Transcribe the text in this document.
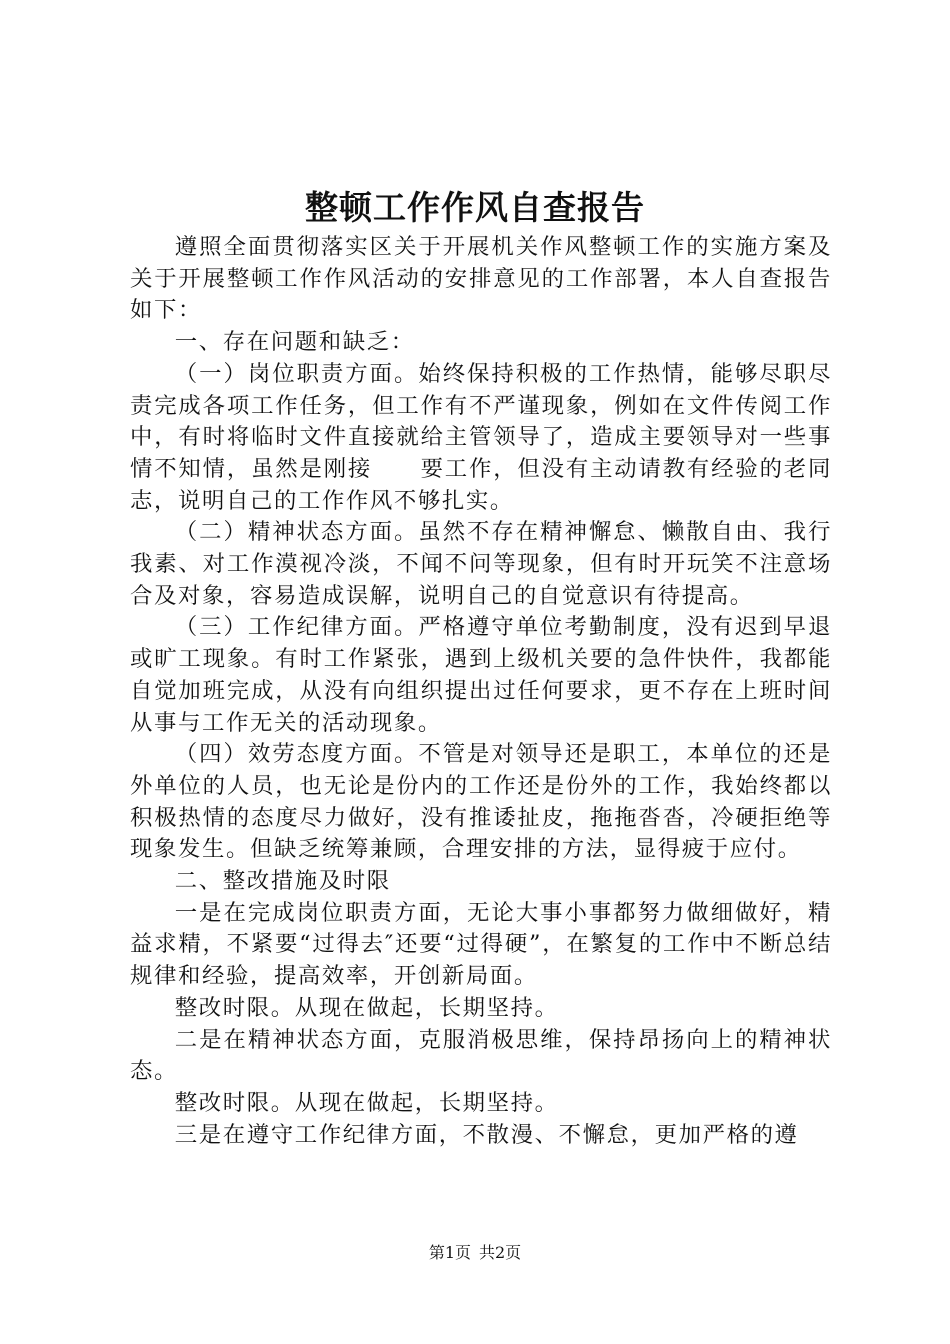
整顿工作作风自查报告

遵照全面贯彻落实区关于开展机关作风整顿工作的实施方案及关于开展整顿工作作风活动的安排意见的工作部署，本人自查报告如下：

一、存在问题和缺乏：

（一）岗位职责方面。始终保持积极的工作热情，能够尽职尽责完成各项工作任务，但工作有不严谨现象，例如在文件传阅工作中，有时将临时文件直接就给主管领导了，造成主要领导对一些事情不知情，虽然是刚接　　要工作，但没有主动请教有经验的老同志，说明自己的工作作风不够扎实。

（二）精神状态方面。虽然不存在精神懈怠、懒散自由、我行我素、对工作漠视冷淡，不闻不问等现象，但有时开玩笑不注意场合及对象，容易造成误解，说明自己的自觉意识有待提高。

（三）工作纪律方面。严格遵守单位考勤制度，没有迟到早退或旷工现象。有时工作紧张，遇到上级机关要的急件快件，我都能自觉加班完成，从没有向组织提出过任何要求，更不存在上班时间从事与工作无关的活动现象。

（四）效劳态度方面。不管是对领导还是职工，本单位的还是外单位的人员，也无论是份内的工作还是份外的工作，我始终都以积极热情的态度尽力做好，没有推诿扯皮，拖拖沓沓，冷硬拒绝等现象发生。但缺乏统筹兼顾，合理安排的方法，显得疲于应付。

二、整改措施及时限

一是在完成岗位职责方面，无论大事小事都努力做细做好，精益求精，不紧要“过得去″还要“过得硬”，在繁复的工作中不断总结规律和经验，提高效率，开创新局面。

整改时限。从现在做起，长期坚持。

二是在精神状态方面，克服消极思维，保持昂扬向上的精神状态。

整改时限。从现在做起，长期坚持。

三是在遵守工作纪律方面，不散漫、不懈怠，更加严格的遵

第1页 共2页
